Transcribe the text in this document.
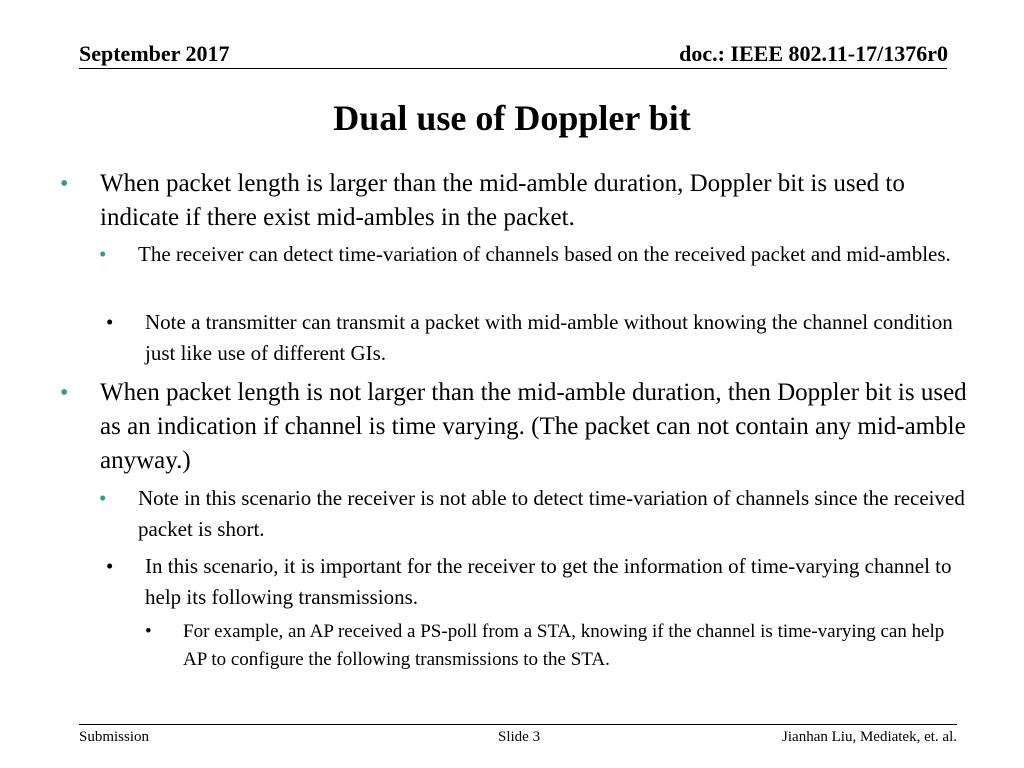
September 2017	doc.: IEEE 802.11-17/1376r0
Dual use of Doppler bit
• When packet length is larger than the mid-amble duration, Doppler bit is used to indicate if there exist mid-ambles in the packet.
• The receiver can detect time-variation of channels based on the received packet and mid-ambles.
• Note a transmitter can transmit a packet with mid-amble without knowing the channel condition just like use of different GIs.
• When packet length is not larger than the mid-amble duration, then Doppler bit is used as an indication if channel is time varying. (The packet can not contain any mid-amble anyway.)
• Note in this scenario the receiver is not able to detect time-variation of channels since the received packet is short.
• In this scenario, it is important for the receiver to get the information of time-varying channel to help its following transmissions.
• For example, an AP received a PS-poll from a STA, knowing if the channel is time-varying can help AP to configure the following transmissions to the STA.
Submission	Slide 3	Jianhan Liu, Mediatek, et. al.
